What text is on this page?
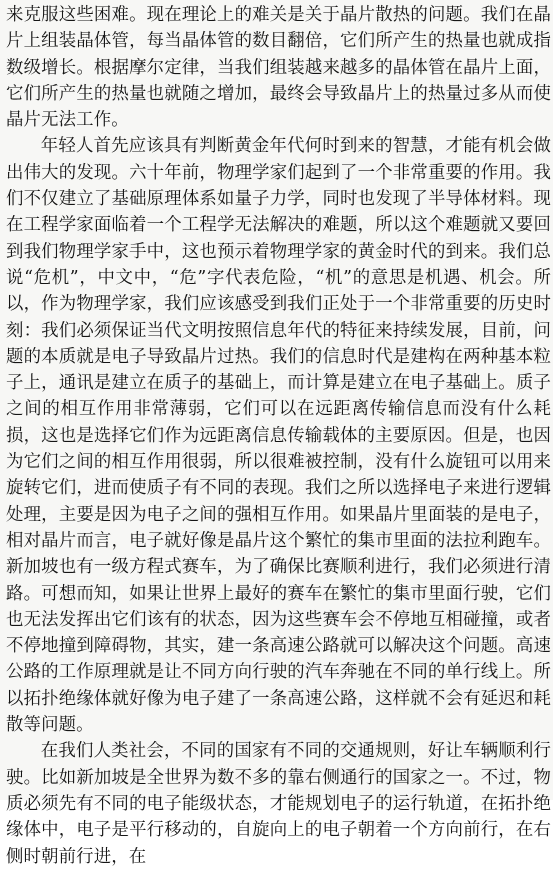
来克服这些困难。现在理论上的难关是关于晶片散热的问题。我们在晶片上组装晶体管，每当晶体管的数目翻倍，它们所产生的热量也就成指数级增长。根据摩尔定律，当我们组装越来越多的晶体管在晶片上面，它们所产生的热量也就随之增加，最终会导致晶片上的热量过多从而使晶片无法工作。

年轻人首先应该具有判断黄金年代何时到来的智慧，才能有机会做出伟大的发现。六十年前，物理学家们起到了一个非常重要的作用。我们不仅建立了基础原理体系如量子力学，同时也发现了半导体材料。现在工程学家面临着一个工程学无法解决的难题，所以这个难题就又要回到我们物理学家手中，这也预示着物理学家的黄金时代的到来。我们总说“危机”，中文中，“危”字代表危险，“机”的意思是机遇、机会。所以，作为物理学家，我们应该感受到我们正处于一个非常重要的历史时刻：我们必须保证当代文明按照信息年代的特征来持续发展，目前，问题的本质就是电子导致晶片过热。我们的信息时代是建构在两种基本粒子上，通讯是建立在质子的基础上，而计算是建立在电子基础上。质子之间的相互作用非常薄弱，它们可以在远距离传输信息而没有什么耗损，这也是选择它们作为远距离信息传输载体的主要原因。但是，也因为它们之间的相互作用很弱，所以很难被控制，没有什么旋钮可以用来旋转它们，进而使质子有不同的表现。我们之所以选择电子来进行逻辑处理，主要是因为电子之间的强相互作用。如果晶片里面装的是电子，相对晶片而言，电子就好像是晶片这个繁忙的集市里面的法拉利跑车。新加坡也有一级方程式赛车，为了确保比赛顺利进行，我们必须进行清路。可想而知，如果让世界上最好的赛车在繁忙的集市里面行驶，它们也无法发挥出它们该有的状态，因为这些赛车会不停地互相碰撞，或者不停地撞到障碍物，其实，建一条高速公路就可以解决这个问题。高速公路的工作原理就是让不同方向行驶的汽车奔驰在不同的单行线上。所以拓扑绝缘体就好像为电子建了一条高速公路，这样就不会有延迟和耗散等问题。

在我们人类社会，不同的国家有不同的交通规则，好让车辆顺利行驶。比如新加坡是全世界为数不多的靠右侧通行的国家之一。不过，物质必须先有不同的电子能级状态，才能规划电子的运行轨道，在拓扑绝缘体中，电子是平行移动的，自旋向上的电子朝着一个方向前行，在右侧时朝前行进，在
